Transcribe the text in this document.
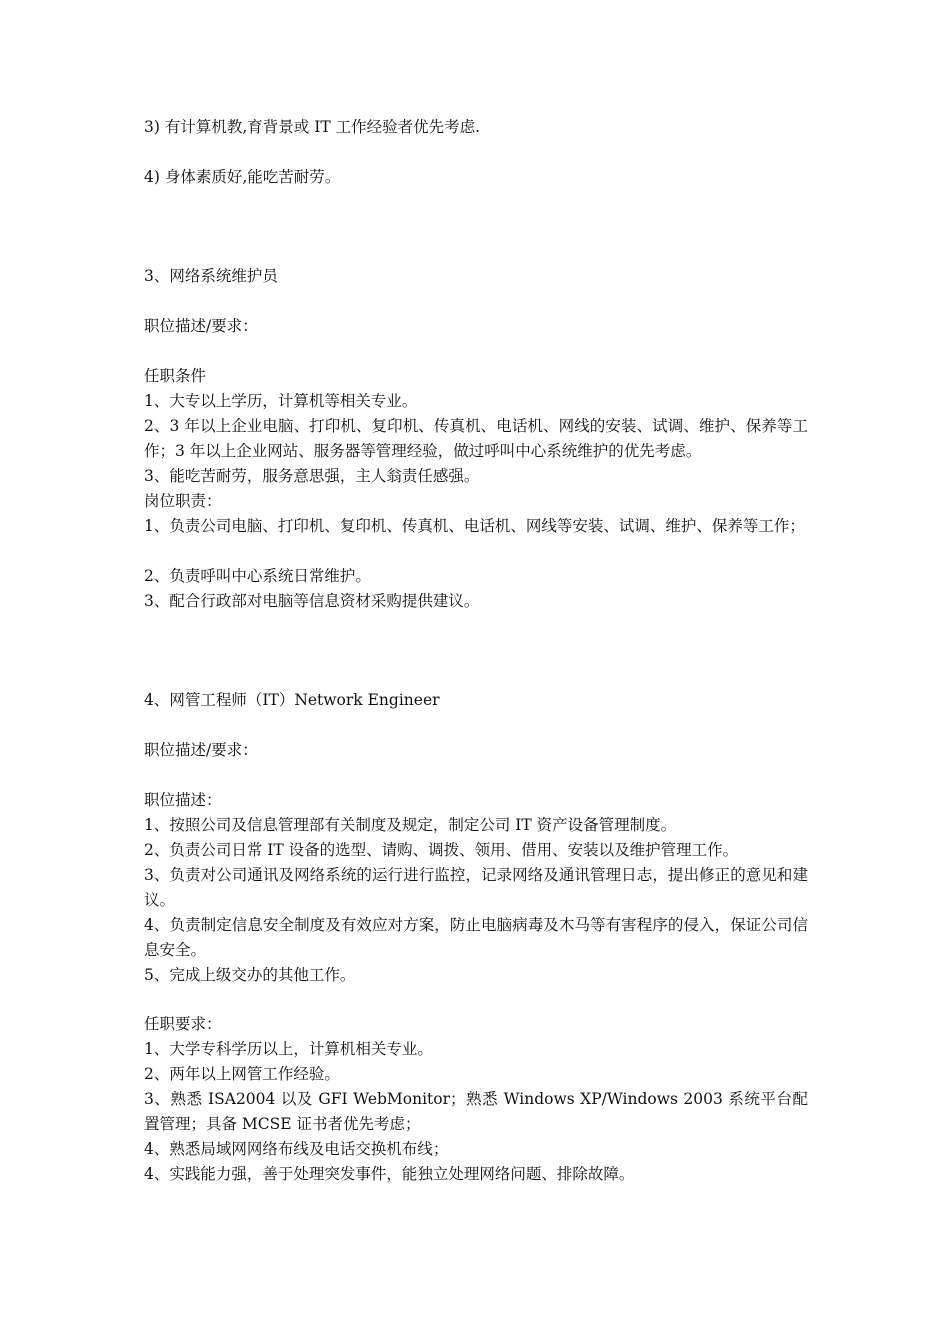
3) 有计算机教,育背景或 IT 工作经验者优先考虑.
4) 身体素质好,能吃苦耐劳。
3、网络系统维护员
职位描述/要求：
任职条件
1、大专以上学历，计算机等相关专业。
2、3 年以上企业电脑、打印机、复印机、传真机、电话机、网线的安装、试调、维护、保养等工作；3 年以上企业网站、服务器等管理经验，做过呼叫中心系统维护的优先考虑。
3、能吃苦耐劳，服务意思强，主人翁责任感强。
岗位职责：
1、负责公司电脑、打印机、复印机、传真机、电话机、网线等安装、试调、维护、保养等工作；
2、负责呼叫中心系统日常维护。
3、配合行政部对电脑等信息资材采购提供建议。
4、网管工程师（IT）Network Engineer
职位描述/要求：
职位描述：
1、按照公司及信息管理部有关制度及规定，制定公司 IT 资产设备管理制度。
2、负责公司日常 IT 设备的选型、请购、调拨、领用、借用、安装以及维护管理工作。
3、负责对公司通讯及网络系统的运行进行监控，记录网络及通讯管理日志，提出修正的意见和建议。
4、负责制定信息安全制度及有效应对方案，防止电脑病毒及木马等有害程序的侵入，保证公司信息安全。
5、完成上级交办的其他工作。
任职要求：
1、大学专科学历以上，计算机相关专业。
2、两年以上网管工作经验。
3、熟悉 ISA2004 以及 GFI WebMonitor；熟悉 Windows XP/Windows 2003 系统平台配置管理；具备 MCSE 证书者优先考虑；
4、熟悉局域网网络布线及电话交换机布线；
4、实践能力强，善于处理突发事件，能独立处理网络问题、排除故障。
